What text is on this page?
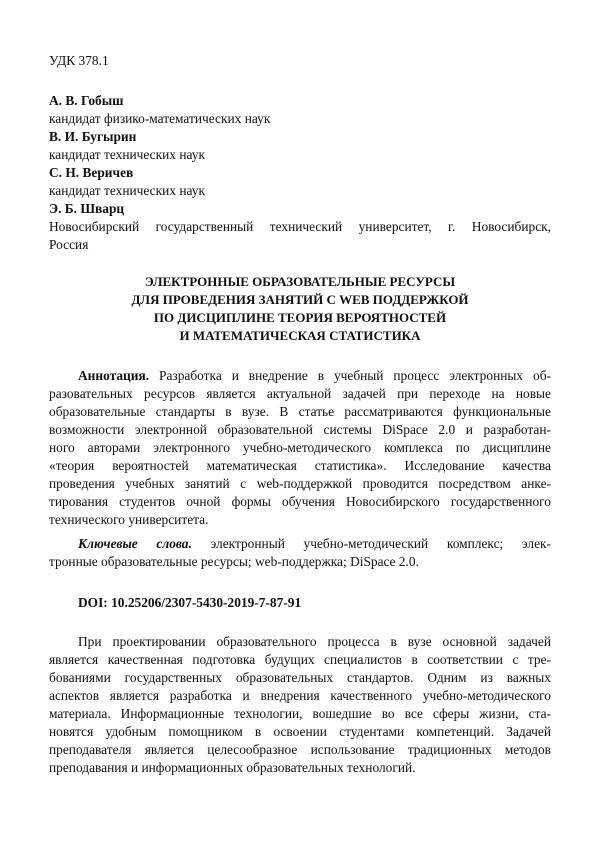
УДК 378.1
А. В. Гобыш
кандидат физико-математических наук
В. И. Бугырин
кандидат технических наук
С. Н. Веричев
кандидат технических наук
Э. Б. Шварц
Новосибирский государственный технический университет, г. Новосибирск,
Россия
ЭЛЕКТРОННЫЕ ОБРАЗОВАТЕЛЬНЫЕ РЕСУРСЫ
ДЛЯ ПРОВЕДЕНИЯ ЗАНЯТИЙ С WEB ПОДДЕРЖКОЙ
ПО ДИСЦИПЛИНЕ ТЕОРИЯ ВЕРОЯТНОСТЕЙ
И МАТЕМАТИЧЕСКАЯ СТАТИСТИКА
Аннотация. Разработка и внедрение в учебный процесс электронных об-
разовательных ресурсов является актуальной задачей при переходе на новые
образовательные стандарты в вузе. В статье рассматриваются функциональные
возможности электронной образовательной системы DiSpace 2.0 и разработан-
ного авторами электронного учебно-методического комплекса по дисциплине
«теория вероятностей математическая статистика». Исследование качества
проведения учебных занятий с web-поддержкой проводится посредством анке-
тирования студентов очной формы обучения Новосибирского государственного
технического университета.
Ключевые слова. электронный учебно-методический комплекс; элек-
тронные образовательные ресурсы; web-поддержка; DiSpace 2.0.
DOI: 10.25206/2307-5430-2019-7-87-91
При проектировании образовательного процесса в вузе основной задачей
является качественная подготовка будущих специалистов в соответствии с тре-
бованиями государственных образовательных стандартов. Одним из важных
аспектов является разработка и внедрения качественного учебно-методического
материала. Информационные технологии, вошедшие во все сферы жизни, ста-
новятся удобным помощником в освоении студентами компетенций. Задачей
преподавателя является целесообразное использование традиционных методов
преподавания и информационных образовательных технологий.
